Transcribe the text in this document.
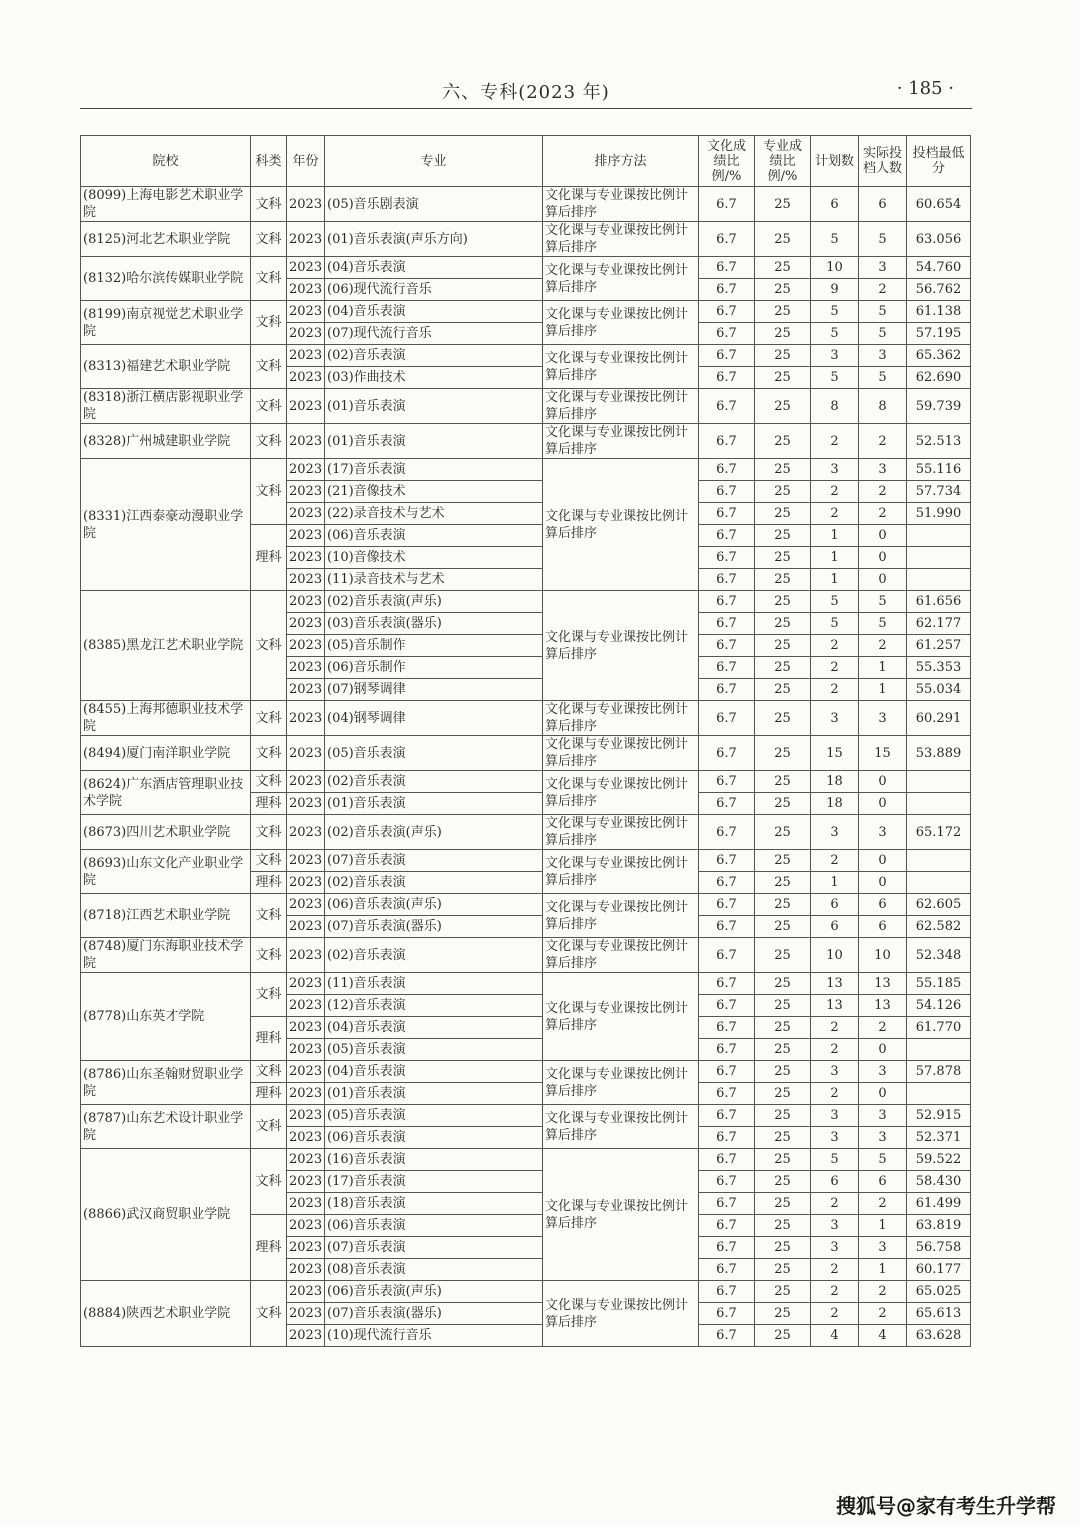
六、专科(2023 年)	· 185 ·
院校	科类	年份	专业	排序方法	文化成绩比例/%	专业成绩比例/%	计划数	实际投档人数	投档最低分
(8099)上海电影艺术职业学院	文科	2023	(05)音乐剧表演	文化课与专业课按比例计算后排序	6.7	25	6	6	60.654
(8125)河北艺术职业学院	文科	2023	(01)音乐表演(声乐方向)	文化课与专业课按比例计算后排序	6.7	25	5	5	63.056
(8132)哈尔滨传媒职业学院	文科	2023	(04)音乐表演	文化课与专业课按比例计算后排序	6.7	25	10	3	54.760
		2023	(06)现代流行音乐		6.7	25	9	2	56.762
(8199)南京视觉艺术职业学院	文科	2023	(04)音乐表演	文化课与专业课按比例计算后排序	6.7	25	5	5	61.138
		2023	(07)现代流行音乐		6.7	25	5	5	57.195
(8313)福建艺术职业学院	文科	2023	(02)音乐表演	文化课与专业课按比例计算后排序	6.7	25	3	3	65.362
		2023	(03)作曲技术		6.7	25	5	5	62.690
(8318)浙江横店影视职业学院	文科	2023	(01)音乐表演	文化课与专业课按比例计算后排序	6.7	25	8	8	59.739
(8328)广州城建职业学院	文科	2023	(01)音乐表演	文化课与专业课按比例计算后排序	6.7	25	2	2	52.513
(8331)江西泰豪动漫职业学院	文科	2023	(17)音乐表演	文化课与专业课按比例计算后排序	6.7	25	3	3	55.116
		2023	(21)音像技术		6.7	25	2	2	57.734
		2023	(22)录音技术与艺术		6.7	25	2	2	51.990
	理科	2023	(06)音乐表演		6.7	25	1	0	
		2023	(10)音像技术		6.7	25	1	0	
		2023	(11)录音技术与艺术		6.7	25	1	0	
(8385)黑龙江艺术职业学院	文科	2023	(02)音乐表演(声乐)	文化课与专业课按比例计算后排序	6.7	25	5	5	61.656
		2023	(03)音乐表演(器乐)		6.7	25	5	5	62.177
		2023	(05)音乐制作		6.7	25	2	2	61.257
		2023	(06)音乐制作		6.7	25	2	1	55.353
		2023	(07)钢琴调律		6.7	25	2	1	55.034
(8455)上海邦德职业技术学院	文科	2023	(04)钢琴调律	文化课与专业课按比例计算后排序	6.7	25	3	3	60.291
(8494)厦门南洋职业学院	文科	2023	(05)音乐表演	文化课与专业课按比例计算后排序	6.7	25	15	15	53.889
(8624)广东酒店管理职业技术学院	文科	2023	(02)音乐表演	文化课与专业课按比例计算后排序	6.7	25	18	0	
	理科	2023	(01)音乐表演		6.7	25	18	0	
(8673)四川艺术职业学院	文科	2023	(02)音乐表演(声乐)	文化课与专业课按比例计算后排序	6.7	25	3	3	65.172
(8693)山东文化产业职业学院	文科	2023	(07)音乐表演	文化课与专业课按比例计算后排序	6.7	25	2	0	
	理科	2023	(02)音乐表演		6.7	25	1	0	
(8718)江西艺术职业学院	文科	2023	(06)音乐表演(声乐)	文化课与专业课按比例计算后排序	6.7	25	6	6	62.605
		2023	(07)音乐表演(器乐)		6.7	25	6	6	62.582
(8748)厦门东海职业技术学院	文科	2023	(02)音乐表演	文化课与专业课按比例计算后排序	6.7	25	10	10	52.348
(8778)山东英才学院	文科	2023	(11)音乐表演	文化课与专业课按比例计算后排序	6.7	25	13	13	55.185
		2023	(12)音乐表演		6.7	25	13	13	54.126
	理科	2023	(04)音乐表演		6.7	25	2	2	61.770
		2023	(05)音乐表演		6.7	25	2	0	
(8786)山东圣翰财贸职业学院	文科	2023	(04)音乐表演	文化课与专业课按比例计算后排序	6.7	25	3	3	57.878
	理科	2023	(01)音乐表演		6.7	25	2	0	
(8787)山东艺术设计职业学院	文科	2023	(05)音乐表演	文化课与专业课按比例计算后排序	6.7	25	3	3	52.915
		2023	(06)音乐表演		6.7	25	3	3	52.371
(8866)武汉商贸职业学院	文科	2023	(16)音乐表演	文化课与专业课按比例计算后排序	6.7	25	5	5	59.522
		2023	(17)音乐表演		6.7	25	6	6	58.430
		2023	(18)音乐表演		6.7	25	2	2	61.499
	理科	2023	(06)音乐表演		6.7	25	3	1	63.819
		2023	(07)音乐表演		6.7	25	3	3	56.758
		2023	(08)音乐表演		6.7	25	2	1	60.177
(8884)陕西艺术职业学院	文科	2023	(06)音乐表演(声乐)	文化课与专业课按比例计算后排序	6.7	25	2	2	65.025
		2023	(07)音乐表演(器乐)		6.7	25	2	2	65.613
		2023	(10)现代流行音乐		6.7	25	4	4	63.628
搜狐号@家有考生升学帮
